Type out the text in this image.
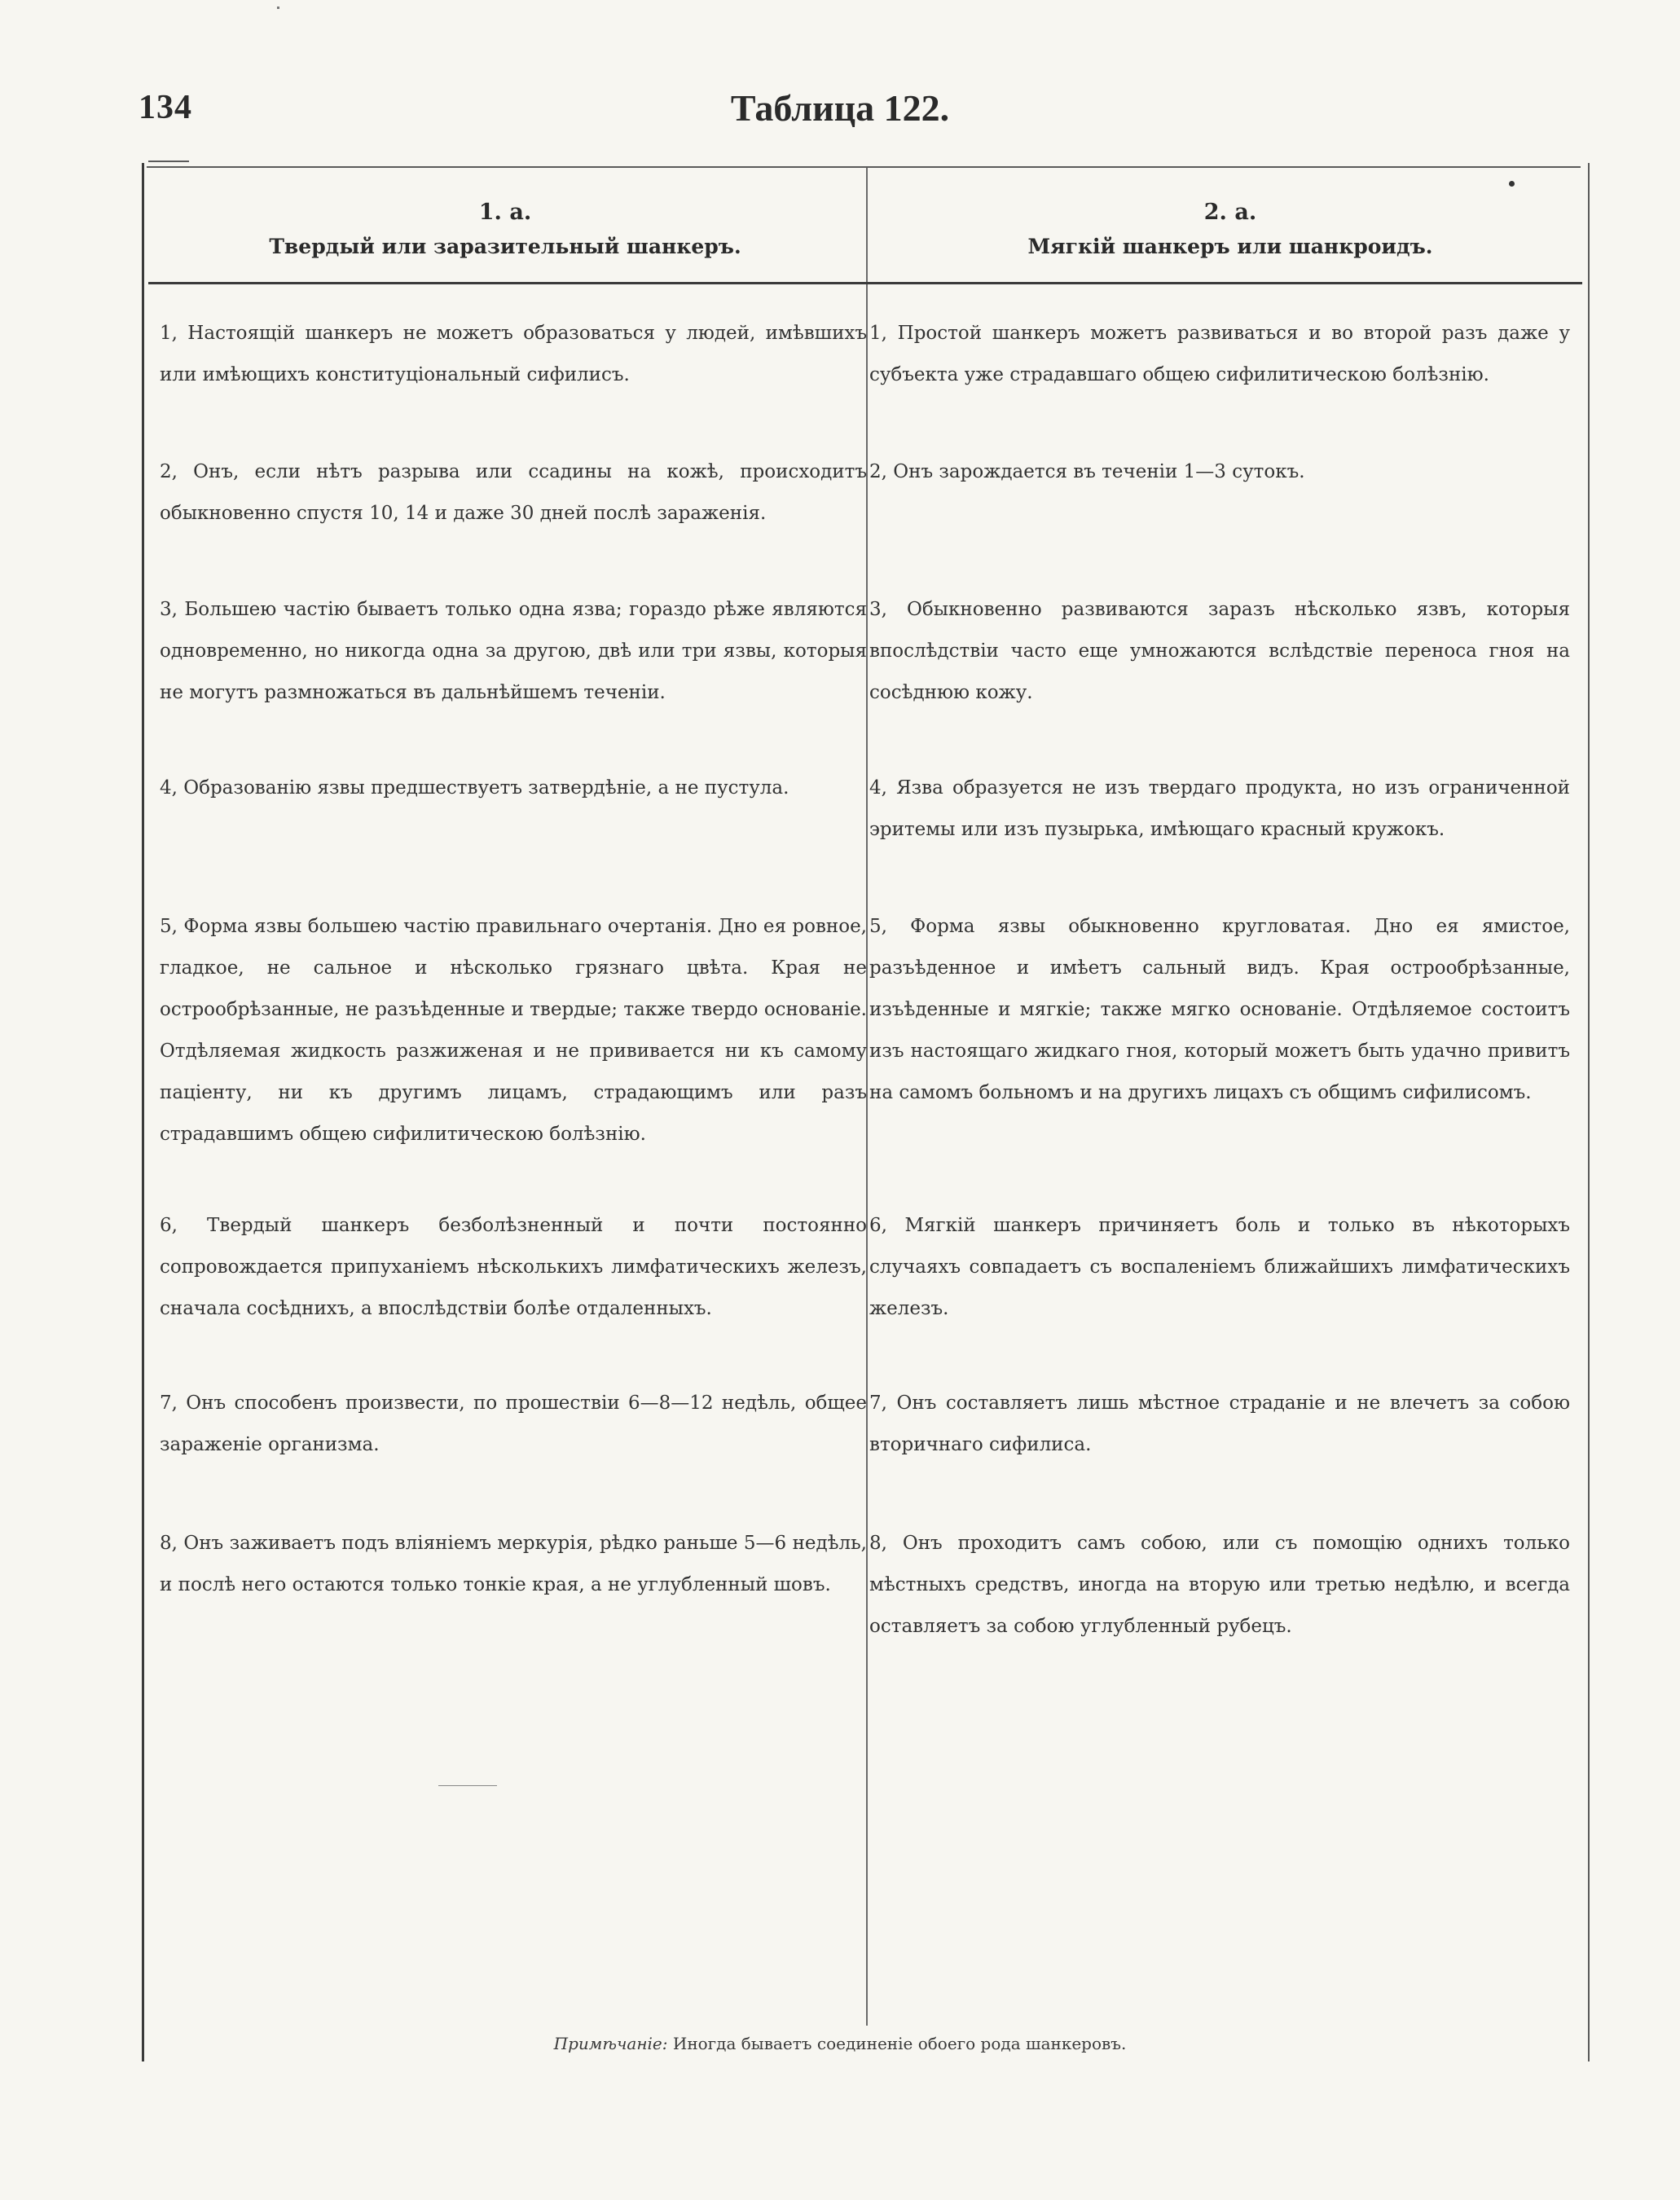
134	Таблица 122.
1. а.
Твердый или заразительный шанкеръ.
2. а.
Мягкій шанкеръ или шанкроидъ.
1, Настоящій шанкеръ не можетъ образоваться у людей, имѣвшихъ или имѣющихъ конституціональный сифилисъ.
1, Простой шанкеръ можетъ развиваться и во второй разъ даже у субъекта уже страдавшаго общею сифилитическою болѣзнію.
2, Онъ, если нѣтъ разрыва или ссадины на кожѣ, происходитъ обыкновенно спустя 10, 14 и даже 30 дней послѣ зараженія.
2, Онъ зарождается въ теченіи 1—3 сутокъ.
3, Большею частію бываетъ только одна язва; гораздо рѣже являются одновременно, но никогда одна за другою, двѣ или три язвы, которыя не могутъ размножаться въ дальнѣйшемъ теченіи.
3, Обыкновенно развиваются заразъ нѣсколько язвъ, которыя впослѣдствіи часто еще умножаются вслѣдствіе переноса гноя на сосѣднюю кожу.
4, Образованію язвы предшествуетъ затвердѣніе, а не пустула.	4, Язва образуется не изъ твердаго продукта, но изъ ограниченной эритемы или изъ пузырька, имѣющаго красный кружокъ.
5, Форма язвы большею частію правильнаго очертанія. Дно ея ровное, гладкое, не сальное и нѣсколько грязнаго цвѣта. Края не острообрѣзанные, не разъѣденные и твердые; также твердо основаніе. Отдѣляемая жидкость разжиженая и не прививается ни къ самому паціенту, ни къ другимъ лицамъ, страдающимъ или разъ страдавшимъ общею сифилитическою болѣзнію.
5, Форма язвы обыкновенно кругловатая. Дно ея ямистое, разъѣденное и имѣетъ сальный видъ. Края острообрѣзанные, изъѣденные и мягкіе; также мягко основаніе. Отдѣляемое состоитъ изъ настоящаго жидкаго гноя, который можетъ быть удачно привитъ на самомъ больномъ и на другихъ лицахъ съ общимъ сифилисомъ.
6, Твердый шанкеръ безболѣзненный и почти постоянно сопровождается припуханіемъ нѣсколькихъ лимфатическихъ железъ, сначала сосѣднихъ, а впослѣдствіи болѣе отдаленныхъ.
6, Мягкій шанкеръ причиняетъ боль и только въ нѣкоторыхъ случаяхъ совпадаетъ съ воспаленіемъ ближайшихъ лимфатическихъ железъ.
7, Онъ способенъ произвести, по прошествіи 6—8—12 недѣль, общее зараженіе организма.
7, Онъ составляетъ лишь мѣстное страданіе и не влечетъ за собою вторичнаго сифилиса.
8, Онъ заживаетъ подъ вліяніемъ меркурія, рѣдко раньше 5—6 недѣль, и послѣ него остаются только тонкіе края, а не углубленный шовъ.
8, Онъ проходитъ самъ собою, или съ помощію однихъ только мѣстныхъ средствъ, иногда на вторую или третью недѣлю, и всегда оставляетъ за собою углубленный рубецъ.
Примѣчаніе: Иногда бываетъ соединеніе обоего рода шанкеровъ.
